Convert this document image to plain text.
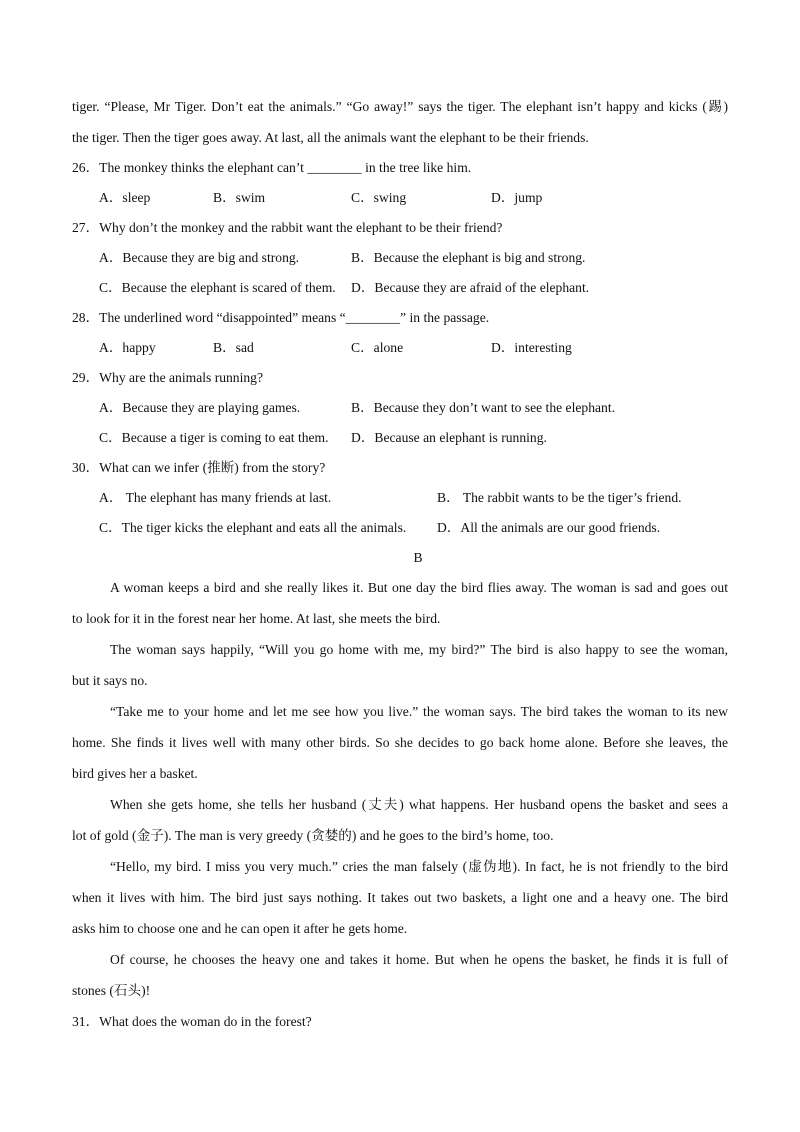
tiger. “Please, Mr Tiger. Don’t eat the animals.” “Go away!” says the tiger. The elephant isn’t happy and kicks (踢)
the tiger. Then the tiger goes away. At last, all the animals want the elephant to be their friends.
26．The monkey thinks the elephant can’t ________ in the tree like him.
A．sleep	B．swim	C．swing	D．jump
27．Why don’t the monkey and the rabbit want the elephant to be their friend?
A．Because they are big and strong.	B．Because the elephant is big and strong.
C．Because the elephant is scared of them. D．Because they are afraid of the elephant.
28．The underlined word “disappointed” means “________” in the passage.
A．happy	B．sad	C．alone	D．interesting
29．Why are the animals running?
A．Because they are playing games.	B．Because they don’t want to see the elephant.
C．Because a tiger is coming to eat them. D．Because an elephant is running.
30．What can we infer (推断) from the story?
A． The elephant has many friends at last.	B． The rabbit wants to be the tiger’s friend.
C．The tiger kicks the elephant and eats all the animals. D．All the animals are our good friends.
B
A woman keeps a bird and she really likes it. But one day the bird flies away. The woman is sad and goes out
to look for it in the forest near her home. At last, she meets the bird.
The woman says happily, “Will you go home with me, my bird?” The bird is also happy to see the woman,
but it says no.
“Take me to your home and let me see how you live.” the woman says. The bird takes the woman to its new
home. She finds it lives well with many other birds. So she decides to go back home alone. Before she leaves, the
bird gives her a basket.
When she gets home, she tells her husband (丈夫) what happens. Her husband opens the basket and sees a
lot of gold (金子). The man is very greedy (贪婪的) and he goes to the bird’s home, too.
“Hello, my bird. I miss you very much.” cries the man falsely (虚伪地). In fact, he is not friendly to the bird
when it lives with him. The bird just says nothing. It takes out two baskets, a light one and a heavy one. The bird
asks him to choose one and he can open it after he gets home.
Of course, he chooses the heavy one and takes it home. But when he opens the basket, he finds it is full of
stones (石头)!
31．What does the woman do in the forest?
